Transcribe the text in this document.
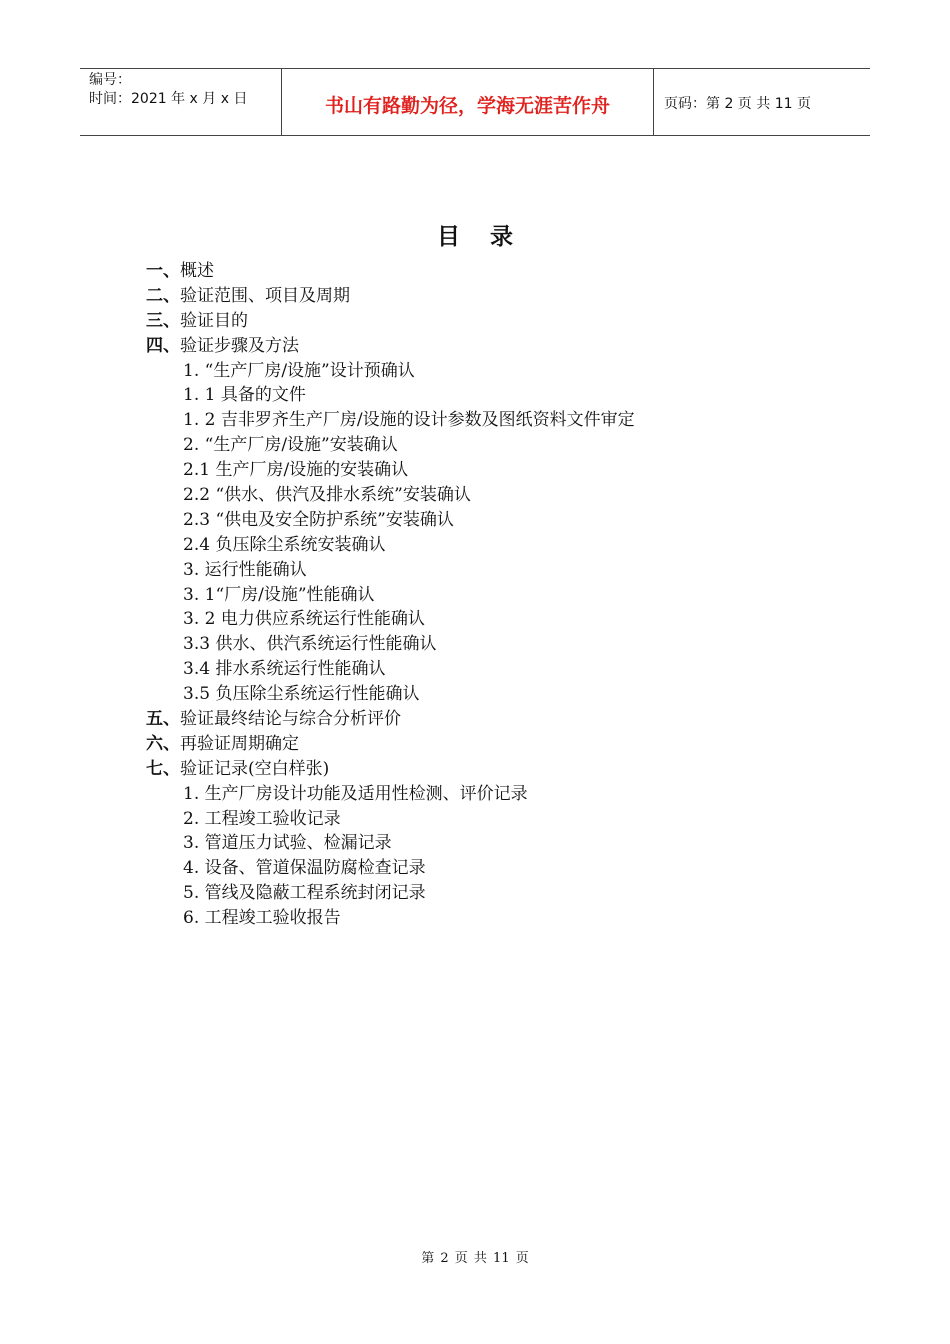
编号：
时间：2021 年 x 月 x 日	书山有路勤为径，学海无涯苦作舟	页码：第 2 页 共 11 页
目录
一、概述
二、验证范围、项目及周期
三、验证目的
四、验证步骤及方法
1. “生产厂房/设施”设计预确认
1. 1 具备的文件
1. 2 吉非罗齐生产厂房/设施的设计参数及图纸资料文件审定
2. “生产厂房/设施”安装确认
2.1 生产厂房/设施的安装确认
2.2 “供水、供汽及排水系统”安装确认
2.3 “供电及安全防护系统”安装确认
2.4 负压除尘系统安装确认
3. 运行性能确认
3. 1“厂房/设施”性能确认
3. 2 电力供应系统运行性能确认
3.3 供水、供汽系统运行性能确认
3.4 排水系统运行性能确认
3.5 负压除尘系统运行性能确认
五、验证最终结论与综合分析评价
六、再验证周期确定
七、验证记录(空白样张)
1. 生产厂房设计功能及适用性检测、评价记录
2. 工程竣工验收记录
3. 管道压力试验、检漏记录
4. 设备、管道保温防腐检查记录
5. 管线及隐蔽工程系统封闭记录
6. 工程竣工验收报告
第 2 页 共 11 页
